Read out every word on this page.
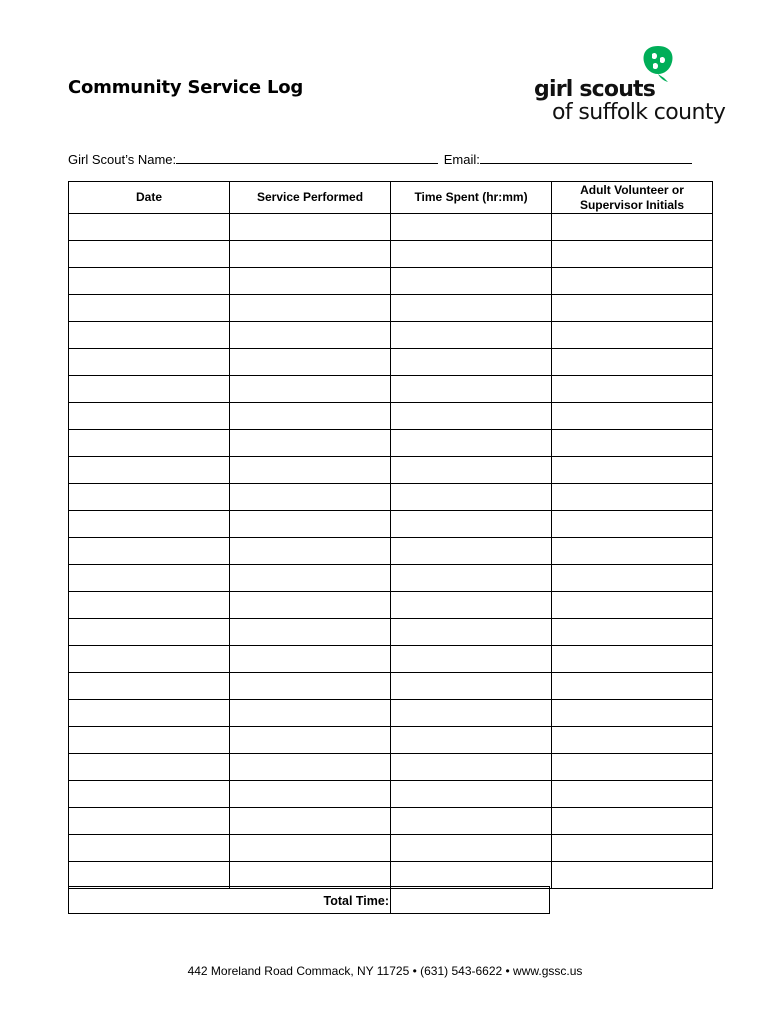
Community Service Log	girl scouts
of suffolk county
Girl Scout’s Name:	Email:
Date	Service Performed	Time Spent (hr:mm)	Adult Volunteer or Supervisor Initials

Total Time:
442 Moreland Road Commack, NY 11725 • (631) 543-6622 • www.gssc.us
